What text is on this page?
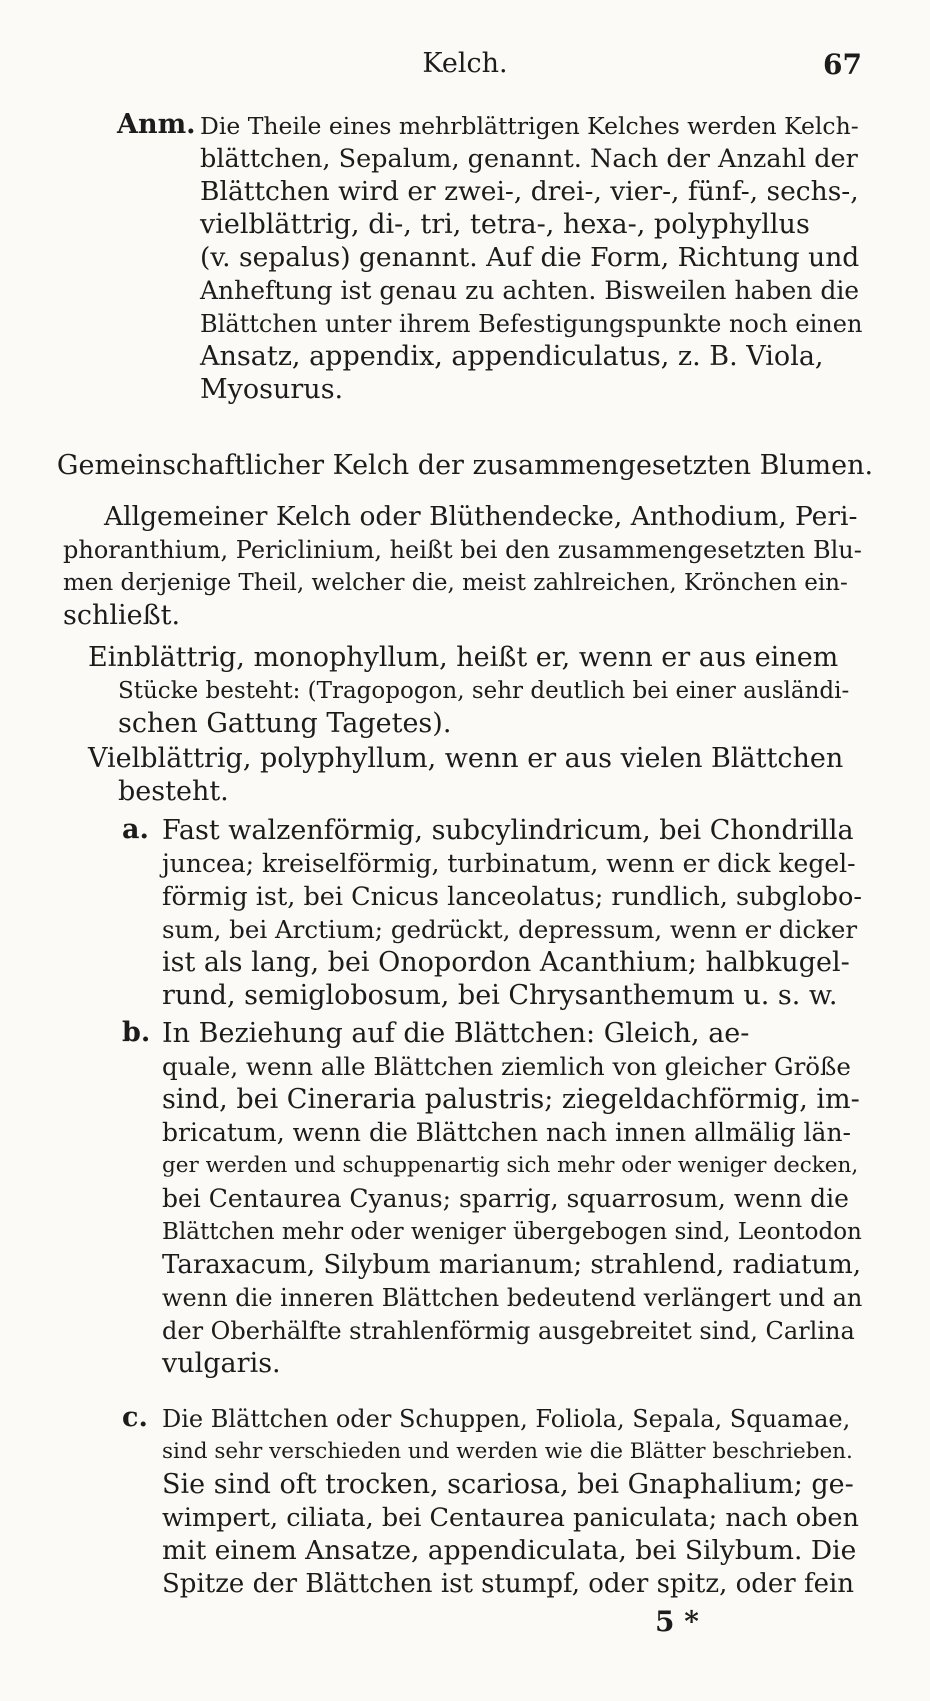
Kelch.	67
Anm. Die Theile eines mehrblättrigen Kelches werden Kelch-
blättchen, Sepalum, genannt. Nach der Anzahl der
Blättchen wird er zwei-, drei-, vier-, fünf-, sechs-,
vielblättrig, di-, tri, tetra-, hexa-, polyphyllus
(v. sepalus) genannt. Auf die Form, Richtung und
Anheftung ist genau zu achten. Bisweilen haben die
Blättchen unter ihrem Befestigungspunkte noch einen
Ansatz, appendix, appendiculatus, z. B. Viola,
Myosurus.
Gemeinschaftlicher Kelch der zusammengesetzten Blumen.
Allgemeiner Kelch oder Blüthendecke, Anthodium, Peri-
phoranthium, Periclinium, heißt bei den zusammengesetzten Blu-
men derjenige Theil, welcher die, meist zahlreichen, Krönchen ein-
schließt.
Einblättrig, monophyllum, heißt er, wenn er aus einem
Stücke besteht: (Tragopogon, sehr deutlich bei einer ausländi-
schen Gattung Tagetes).
Vielblättrig, polyphyllum, wenn er aus vielen Blättchen
besteht.
a. Fast walzenförmig, subcylindricum, bei Chondrilla
juncea; kreiselförmig, turbinatum, wenn er dick kegel-
förmig ist, bei Cnicus lanceolatus; rundlich, subglobo-
sum, bei Arctium; gedrückt, depressum, wenn er dicker
ist als lang, bei Onopordon Acanthium; halbkugel-
rund, semiglobosum, bei Chrysanthemum u. s. w.
b. In Beziehung auf die Blättchen: Gleich, ae-
quale, wenn alle Blättchen ziemlich von gleicher Größe
sind, bei Cineraria palustris; ziegeldachförmig, im-
bricatum, wenn die Blättchen nach innen allmälig län-
ger werden und schuppenartig sich mehr oder weniger decken,
bei Centaurea Cyanus; sparrig, squarrosum, wenn die
Blättchen mehr oder weniger übergebogen sind, Leontodon
Taraxacum, Silybum marianum; strahlend, radiatum,
wenn die inneren Blättchen bedeutend verlängert und an
der Oberhälfte strahlenförmig ausgebreitet sind, Carlina
vulgaris.
c. Die Blättchen oder Schuppen, Foliola, Sepala, Squamae,
sind sehr verschieden und werden wie die Blätter beschrieben.
Sie sind oft trocken, scariosa, bei Gnaphalium; ge-
wimpert, ciliata, bei Centaurea paniculata; nach oben
mit einem Ansatze, appendiculata, bei Silybum. Die
Spitze der Blättchen ist stumpf, oder spitz, oder fein
5 *
